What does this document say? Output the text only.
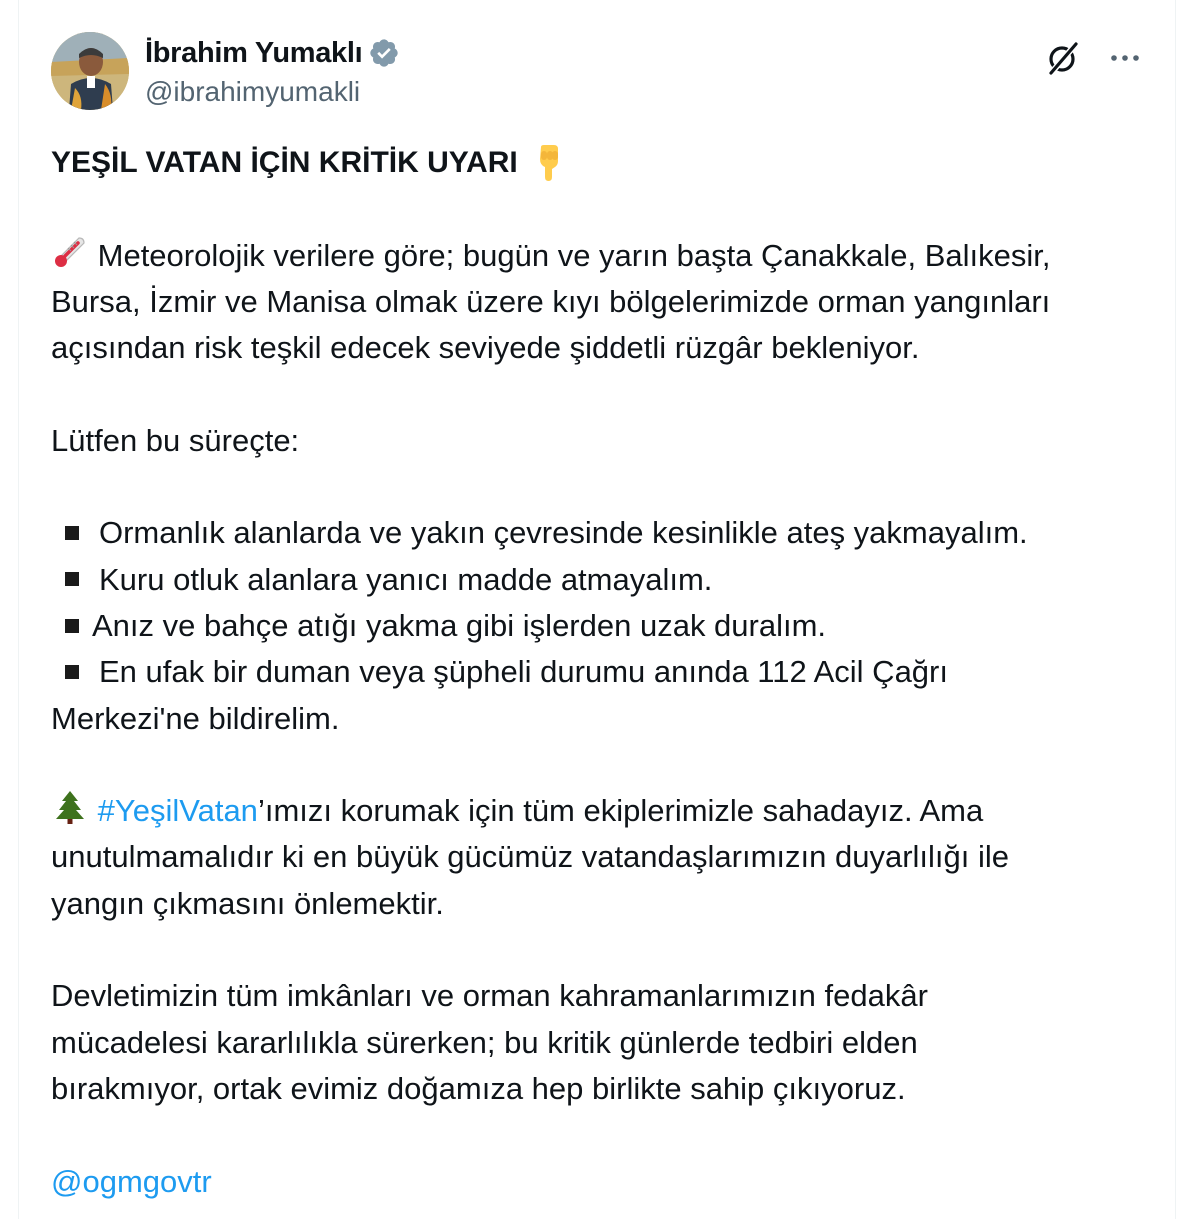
İbrahim Yumaklı
@ibrahimyumakli

YEŞİL VATAN İÇİN KRİTİK UYARI

Meteorolojik verilere göre; bugün ve yarın başta Çanakkale, Balıkesir,
Bursa, İzmir ve Manisa olmak üzere kıyı bölgelerimizde orman yangınları
açısından risk teşkil edecek seviyede şiddetli rüzgâr bekleniyor.

Lütfen bu süreçte:

Ormanlık alanlarda ve yakın çevresinde kesinlikle ateş yakmayalım.
Kuru otluk alanlara yanıcı madde atmayalım.
Anız ve bahçe atığı yakma gibi işlerden uzak duralım.
En ufak bir duman veya şüpheli durumu anında 112 Acil Çağrı
Merkezi'ne bildirelim.

#YeşilVatan’ımızı korumak için tüm ekiplerimizle sahadayız. Ama
unutulmamalıdır ki en büyük gücümüz vatandaşlarımızın duyarlılığı ile
yangın çıkmasını önlemektir.

Devletimizin tüm imkânları ve orman kahramanlarımızın fedakâr
mücadelesi kararlılıkla sürerken; bu kritik günlerde tedbiri elden
bırakmıyor, ortak evimiz doğamıza hep birlikte sahip çıkıyoruz.

@ogmgovtr
